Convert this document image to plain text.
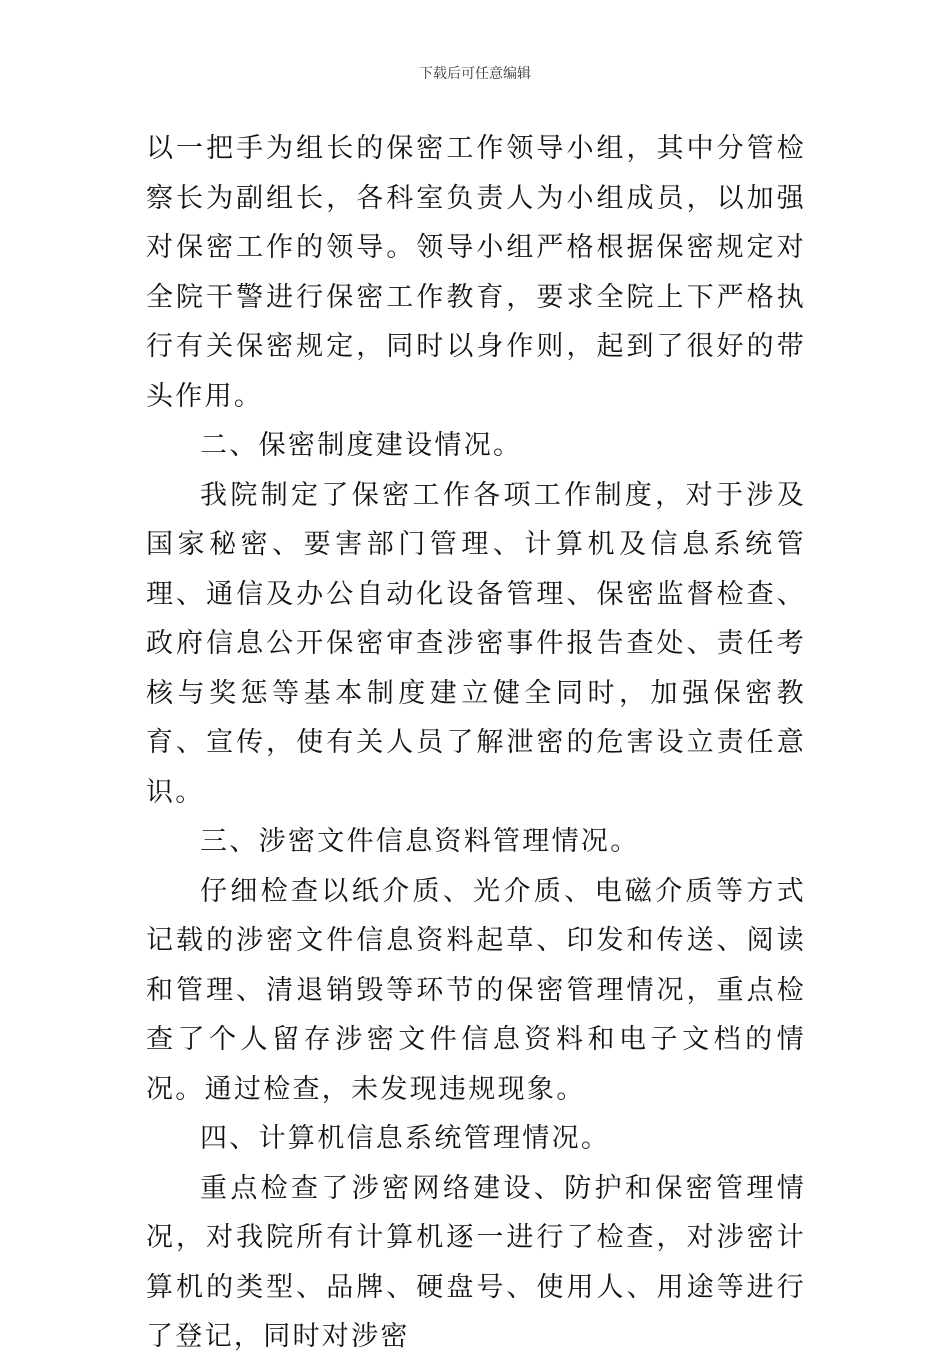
下载后可任意编辑

以一把手为组长的保密工作领导小组，其中分管检察长为副组长，各科室负责人为小组成员，以加强对保密工作的领导。领导小组严格根据保密规定对全院干警进行保密工作教育，要求全院上下严格执行有关保密规定，同时以身作则，起到了很好的带头作用。

二、保密制度建设情况。

我院制定了保密工作各项工作制度，对于涉及国家秘密、要害部门管理、计算机及信息系统管理、通信及办公自动化设备管理、保密监督检查、政府信息公开保密审查涉密事件报告查处、责任考核与奖惩等基本制度建立健全同时，加强保密教育、宣传，使有关人员了解泄密的危害设立责任意识。

三、涉密文件信息资料管理情况。

仔细检查以纸介质、光介质、电磁介质等方式记载的涉密文件信息资料起草、印发和传送、阅读和管理、清退销毁等环节的保密管理情况，重点检查了个人留存涉密文件信息资料和电子文档的情况。通过检查，未发现违规现象。

四、计算机信息系统管理情况。

重点检查了涉密网络建设、防护和保密管理情况，对我院所有计算机逐一进行了检查，对涉密计算机的类型、品牌、硬盘号、使用人、用途等进行了登记，同时对涉密
